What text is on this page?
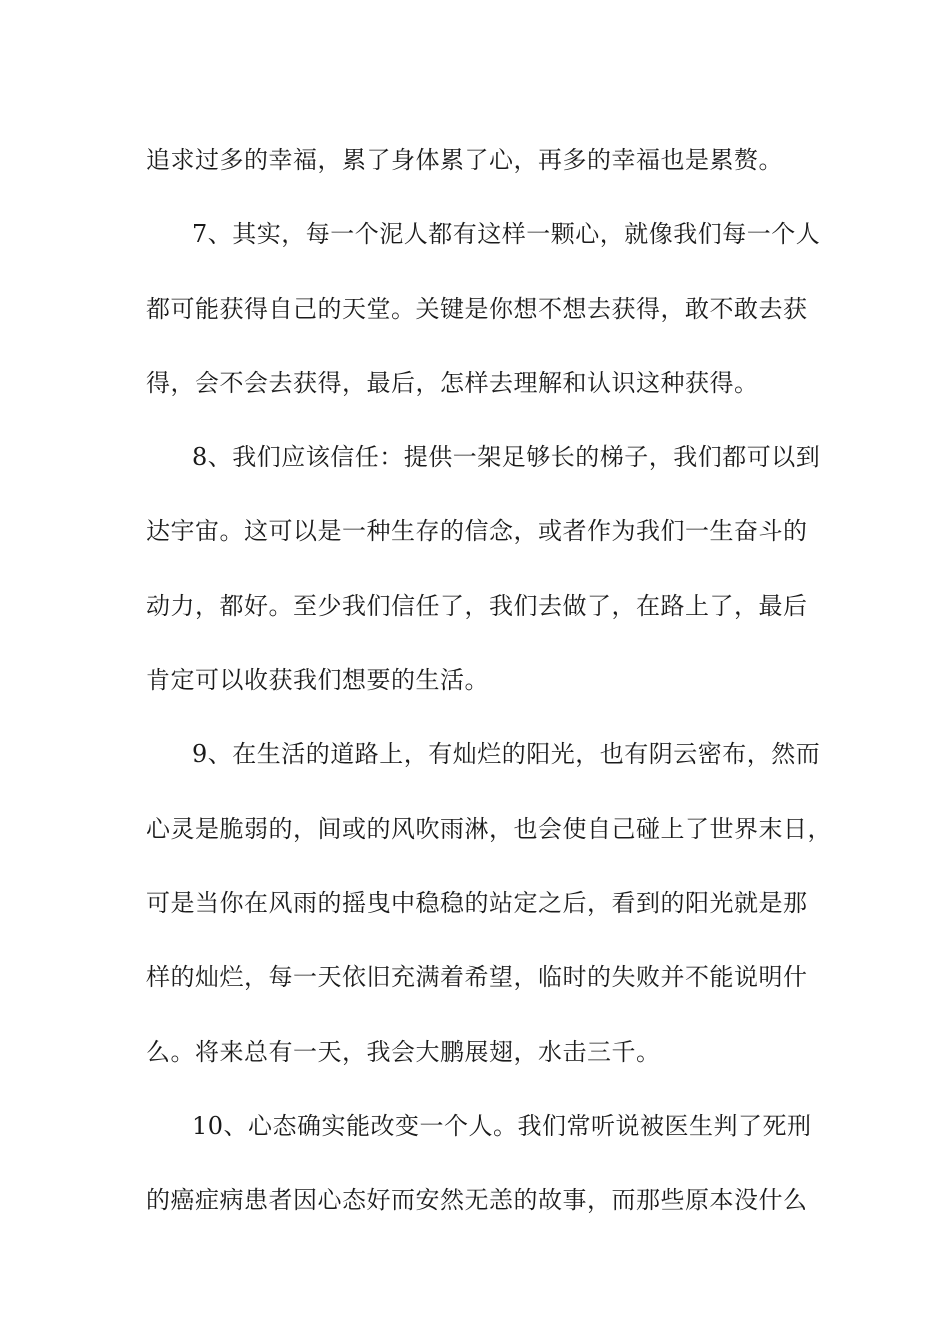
追求过多的幸福，累了身体累了心，再多的幸福也是累赘。
7、其实，每一个泥人都有这样一颗心，就像我们每一个人
都可能获得自己的天堂。关键是你想不想去获得，敢不敢去获
得，会不会去获得，最后，怎样去理解和认识这种获得。
8、我们应该信任：提供一架足够长的梯子，我们都可以到
达宇宙。这可以是一种生存的信念，或者作为我们一生奋斗的
动力，都好。至少我们信任了，我们去做了，在路上了，最后
肯定可以收获我们想要的生活。
9、在生活的道路上，有灿烂的阳光，也有阴云密布，然而
心灵是脆弱的，间或的风吹雨淋，也会使自己碰上了世界末日，
可是当你在风雨的摇曳中稳稳的站定之后，看到的阳光就是那
样的灿烂，每一天依旧充满着希望，临时的失败并不能说明什
么。将来总有一天，我会大鹏展翅，水击三千。
10、心态确实能改变一个人。我们常听说被医生判了死刑
的癌症病患者因心态好而安然无恙的故事，而那些原本没什么
